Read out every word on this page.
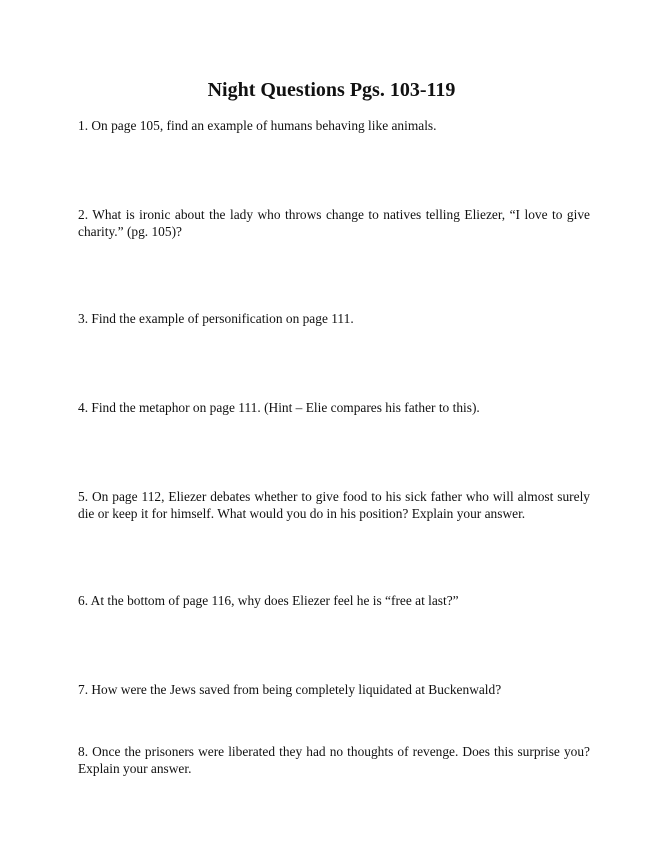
Night Questions Pgs. 103-119

1. On page 105, find an example of humans behaving like animals.

2. What is ironic about the lady who throws change to natives telling Eliezer, “I love to give charity.” (pg. 105)?

3. Find the example of personification on page 111.

4. Find the metaphor on page 111. (Hint – Elie compares his father to this).

5. On page 112, Eliezer debates whether to give food to his sick father who will almost surely die or keep it for himself. What would you do in his position? Explain your answer.

6. At the bottom of page 116, why does Eliezer feel he is “free at last?”

7. How were the Jews saved from being completely liquidated at Buckenwald?

8. Once the prisoners were liberated they had no thoughts of revenge. Does this surprise you? Explain your answer.
